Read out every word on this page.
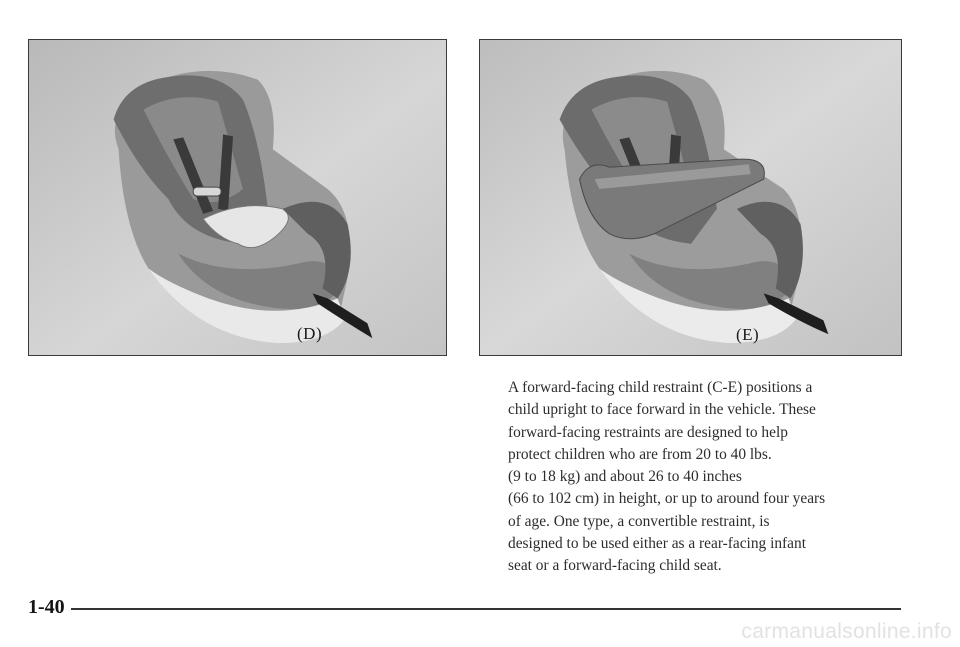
(D)	(E)
A forward-facing child restraint (C-E) positions a
child upright to face forward in the vehicle. These
forward-facing restraints are designed to help
protect children who are from 20 to 40 lbs.
(9 to 18 kg) and about 26 to 40 inches
(66 to 102 cm) in height, or up to around four years
of age. One type, a convertible restraint, is
designed to be used either as a rear-facing infant
seat or a forward-facing child seat.
1-40
carmanualsonline.info
